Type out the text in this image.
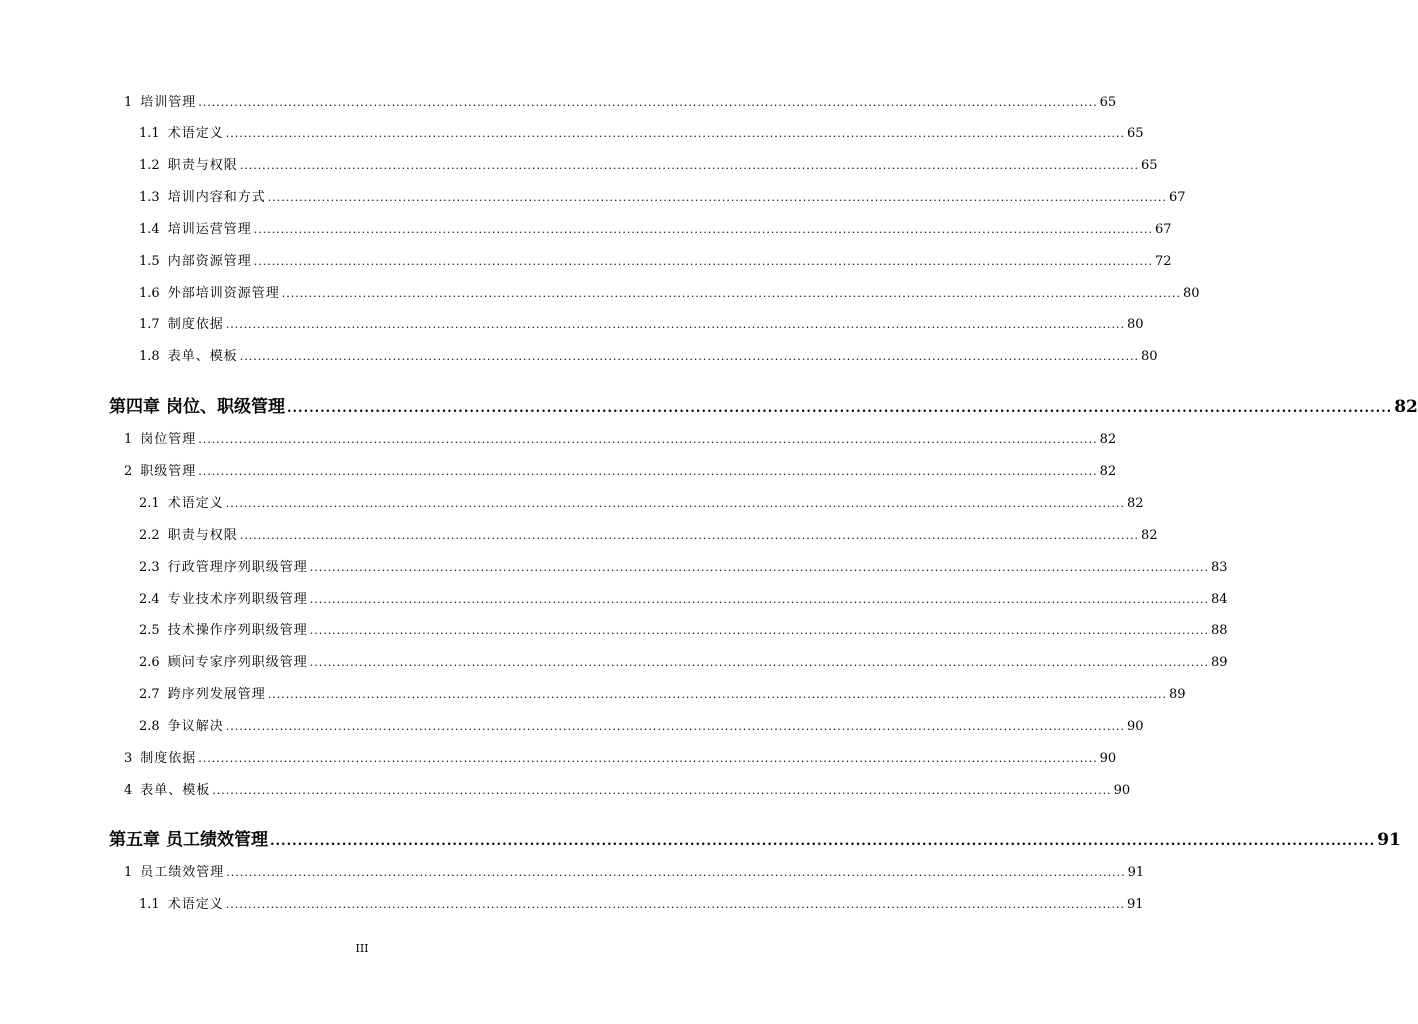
1 培训管理 ........................................................................................................................................................................................................ 65
1.1 术语定义 ........................................................................................................................................................................................................ 65
1.2 职责与权限 ........................................................................................................................................................................................................ 65
1.3 培训内容和方式 ........................................................................................................................................................................................................ 67
1.4 培训运营管理 ........................................................................................................................................................................................................ 67
1.5 内部资源管理 ........................................................................................................................................................................................................ 72
1.6 外部培训资源管理 ........................................................................................................................................................................................................ 80
1.7 制度依据 ........................................................................................................................................................................................................ 80
1.8 表单、模板 ........................................................................................................................................................................................................ 80
第四章 岗位、职级管理 ........................................................................................................................................................................................................ 82
1 岗位管理 ........................................................................................................................................................................................................ 82
2 职级管理 ........................................................................................................................................................................................................ 82
2.1 术语定义 ........................................................................................................................................................................................................ 82
2.2 职责与权限 ........................................................................................................................................................................................................ 82
2.3 行政管理序列职级管理 ........................................................................................................................................................................................................ 83
2.4 专业技术序列职级管理 ........................................................................................................................................................................................................ 84
2.5 技术操作序列职级管理 ........................................................................................................................................................................................................ 88
2.6 顾问专家序列职级管理 ........................................................................................................................................................................................................ 89
2.7 跨序列发展管理 ........................................................................................................................................................................................................ 89
2.8 争议解决 ........................................................................................................................................................................................................ 90
3 制度依据 ........................................................................................................................................................................................................ 90
4 表单、模板 ........................................................................................................................................................................................................ 90
第五章 员工绩效管理 ........................................................................................................................................................................................................ 91
1 员工绩效管理 ........................................................................................................................................................................................................ 91
1.1 术语定义 ........................................................................................................................................................................................................ 91
III
